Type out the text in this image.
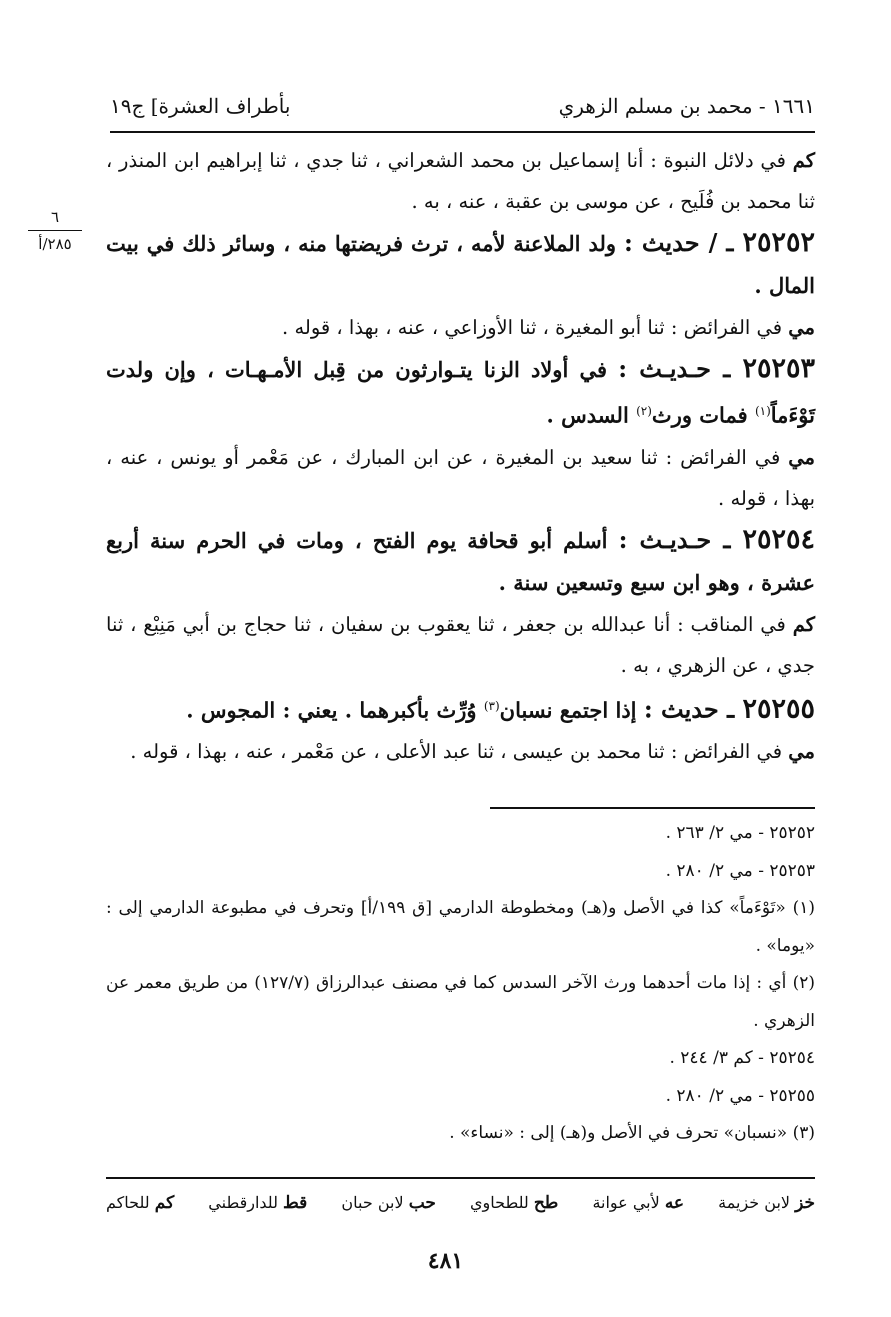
بأطراف العشرة] ج١٩	١٦٦١ - محمد بن مسلم الزهري
٦
٢٨٥/أ

كم في دلائل النبوة : أنا إسماعيل بن محمد الشعراني ، ثنا جدي ، ثنا إبراهيم ابن المنذر ، ثنا محمد بن فُلَيح ، عن موسى بن عقبة ، عنه ، به .

٢٥٢٥٢ ـ / حديث : ولد الملاعنة لأمه ، ترث فريضتها منه ، وسائر ذلك في بيت المال .

مي في الفرائض : ثنا أبو المغيرة ، ثنا الأوزاعي ، عنه ، بهذا ، قوله .

٢٥٢٥٣ ـ حـديـث : في أولاد الزنا يتـوارثون من قِبل الأمـهـات ، وإن ولدت تَوْءَماً$^{(١)}$ فمات ورث$^{(٢)}$ السدس .

مي في الفرائض : ثنا سعيد بن المغيرة ، عن ابن المبارك ، عن مَعْمر أو يونس ، عنه ، بهذا ، قوله .

٢٥٢٥٤ ـ حـديـث : أسلم أبو قحافة يوم الفتح ، ومات في الحرم سنة أربع عشرة ، وهو ابن سبع وتسعين سنة .

كم في المناقب : أنا عبدالله بن جعفر ، ثنا يعقوب بن سفيان ، ثنا حجاج بن أبي مَنِيْع ، ثنا جدي ، عن الزهري ، به .

٢٥٢٥٥ ـ حديث : إذا اجتمع نسبان$^{(٣)}$ وُرِّث بأكبرهما . يعني : المجوس .

مي في الفرائض : ثنا محمد بن عيسى ، ثنا عبد الأعلى ، عن مَعْمر ، عنه ، بهذا ، قوله .

٢٥٢٥٢ - مي ٢/ ٢٦٣ .

٢٥٢٥٣ - مي ٢/ ٢٨٠ .

(١) «تَوْءَماً» كذا في الأصل و(هـ) ومخطوطة الدارمي [ق ١٩٩/أ] وتحرف في مطبوعة الدارمي إلى : «يوما» .

(٢) أي : إذا مات أحدهما ورث الآخر السدس كما في مصنف عبدالرزاق (١٢٧/٧) من طريق معمر عن الزهري .

٢٥٢٥٤ - كم ٣/ ٢٤٤ .

٢٥٢٥٥ - مي ٢/ ٢٨٠ .

(٣) «نسبان» تحرف في الأصل و(هـ) إلى : «نساء» .

خز لابن خزيمة
عه لأبي عوانة
طح للطحاوي
حب لابن حبان
قط للدارقطني
كم للحاكم
٤٨١
